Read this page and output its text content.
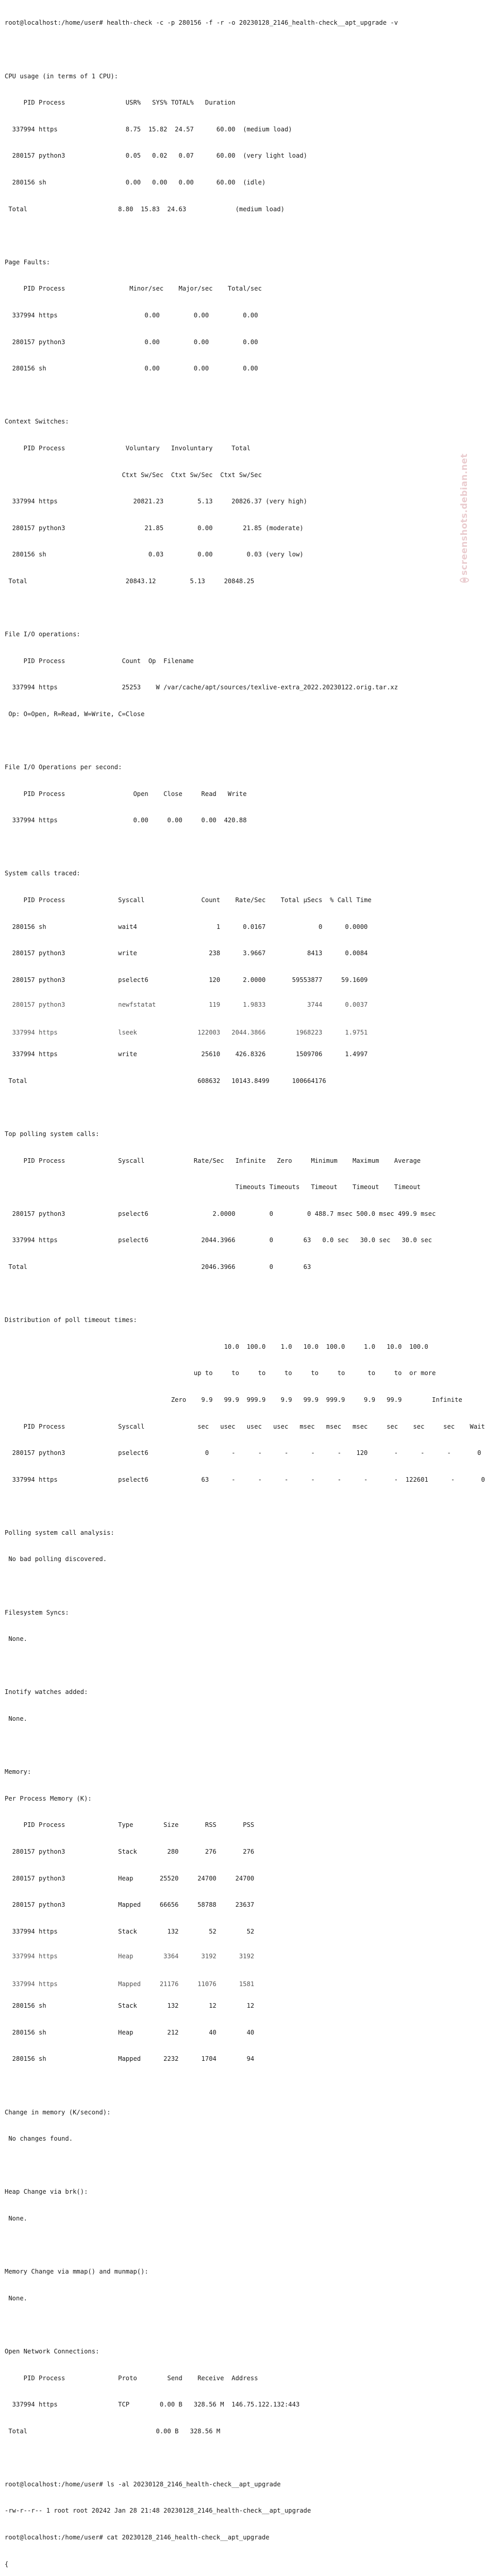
root@localhost:/home/user# health-check -c -p 280156 -f -r -o 20230128_2146_health-check__apt_upgrade -v

CPU usage (in terms of 1 CPU):

PID Process                USR%   SYS% TOTAL%   Duration

337994 https                  8.75  15.82  24.57      60.00  (medium load)

280157 python3                0.05   0.02   0.07      60.00  (very light load)

280156 sh                     0.00   0.00   0.00      60.00  (idle)

Total                        8.80  15.83  24.63             (medium load)

Page Faults:

PID Process                 Minor/sec    Major/sec    Total/sec

337994 https                       0.00         0.00         0.00

280157 python3                     0.00         0.00         0.00

280156 sh                          0.00         0.00         0.00

Context Switches:

PID Process                Voluntary   Involuntary     Total

Ctxt Sw/Sec  Ctxt Sw/Sec  Ctxt Sw/Sec

337994 https                    20821.23         5.13     20826.37 (very high)

280157 python3                     21.85         0.00        21.85 (moderate)

280156 sh                           0.03         0.00         0.03 (very low)

Total                          20843.12         5.13     20848.25

File I/O operations:

PID Process               Count  Op  Filename

337994 https                 25253    W /var/cache/apt/sources/texlive-extra_2022.20230122.orig.tar.xz

Op: O=Open, R=Read, W=Write, C=Close

File I/O Operations per second:

PID Process                  Open    Close     Read   Write

337994 https                    0.00     0.00     0.00  420.88

System calls traced:

PID Process              Syscall               Count    Rate/Sec    Total µSecs  % Call Time

280156 sh                   wait4                     1      0.0167              0      0.0000

280157 python3              write                   238      3.9667           8413      0.0084

280157 python3              pselect6                120      2.0000       59553877     59.1609

280157 python3              newfstatat              119      1.9833           3744      0.0037

337994 https                lseek                122003   2044.3866        1968223      1.9751

337994 https                write                 25610    426.8326        1509706      1.4997

Total                                             608632   10143.8499      100664176

Top polling system calls:

PID Process              Syscall             Rate/Sec   Infinite   Zero     Minimum    Maximum    Average

Timeouts Timeouts   Timeout    Timeout    Timeout

280157 python3              pselect6                 2.0000         0         0 488.7 msec 500.0 msec 499.9 msec

337994 https                pselect6              2044.3966         0        63   0.0 sec   30.0 sec   30.0 sec

Total                                              2046.3966         0        63

Distribution of poll timeout times:

10.0  100.0    1.0   10.0  100.0     1.0   10.0  100.0

up to     to     to     to     to     to      to     to  or more

Zero    9.9   99.9  999.9    9.9   99.9  999.9     9.9   99.9        Infinite

PID Process              Syscall              sec   usec   usec   usec   msec   msec   msec     sec    sec     sec    Wait

280157 python3              pselect6               0      -      -      -      -      -    120       -      -      -       0

337994 https                pselect6              63      -      -      -      -      -      -       -  122601      -       0

Polling system call analysis:

No bad polling discovered.

Filesystem Syncs:

None.

Inotify watches added:

None.

Memory:

Per Process Memory (K):

PID Process              Type        Size       RSS       PSS

280157 python3              Stack        280       276       276

280157 python3              Heap       25520     24700     24700

280157 python3              Mapped     66656     58788     23637

337994 https                Stack        132        52        52

337994 https                Heap        3364      3192      3192

337994 https                Mapped     21176     11076      1581

280156 sh                   Stack        132        12        12

280156 sh                   Heap         212        40        40

280156 sh                   Mapped      2232      1704        94

Change in memory (K/second):

No changes found.

Heap Change via brk():

None.

Memory Change via mmap() and munmap():

None.

Open Network Connections:

PID Process              Proto        Send    Receive  Address

337994 https                TCP        0.00 B   328.56 M  146.75.122.132:443

Total                                  0.00 B   328.56 M

root@localhost:/home/user# ls -al 20230128_2146_health-check__apt_upgrade

-rw-r--r-- 1 root root 20242 Jan 28 21:48 20230128_2146_health-check__apt_upgrade

root@localhost:/home/user# cat 20230128_2146_health-check__apt_upgrade

{

screenshots.debian.net
